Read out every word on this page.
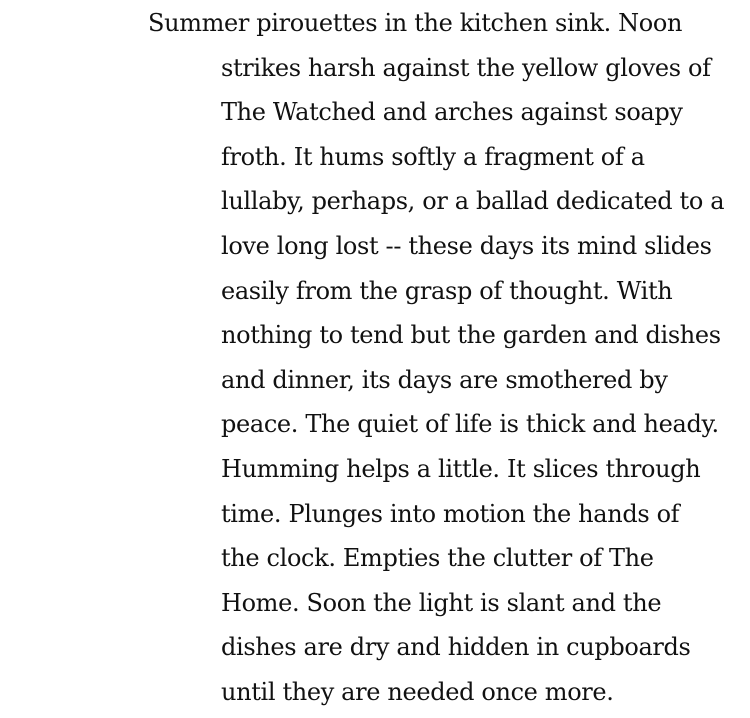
Summer pirouettes in the kitchen sink. Noon
strikes harsh against the yellow gloves of
The Watched and arches against soapy
froth. It hums softly a fragment of a
lullaby, perhaps, or a ballad dedicated to a
love long lost -- these days its mind slides
easily from the grasp of thought. With
nothing to tend but the garden and dishes
and dinner, its days are smothered by
peace. The quiet of life is thick and heady.
Humming helps a little. It slices through
time. Plunges into motion the hands of
the clock. Empties the clutter of The
Home. Soon the light is slant and the
dishes are dry and hidden in cupboards
until they are needed once more.
